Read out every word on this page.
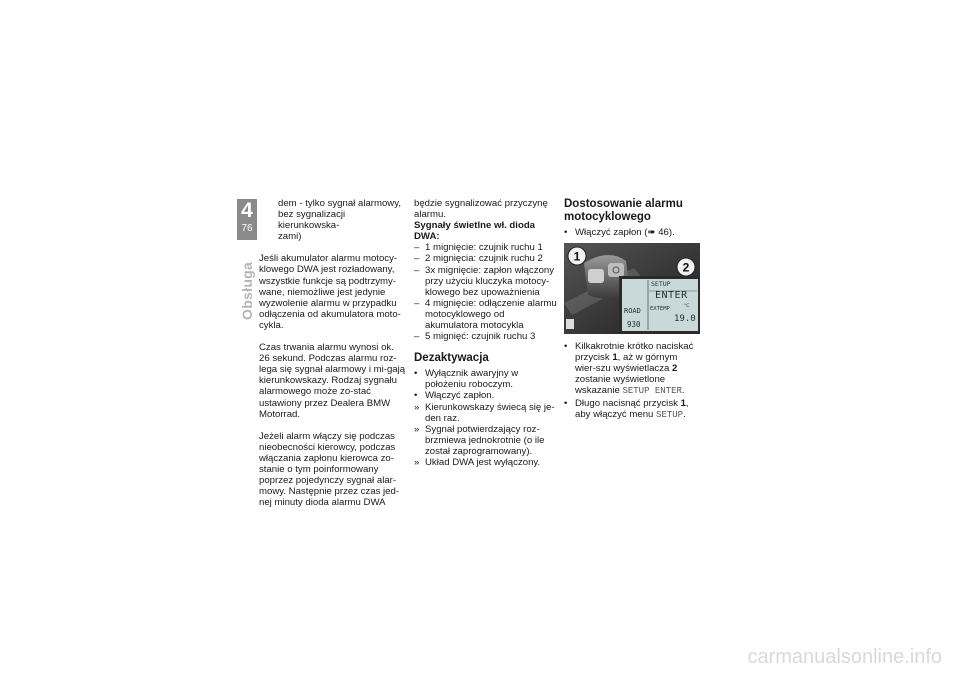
4
76
Obsługa
dem - tylko sygnał alarmowy,
bez sygnalizacji kierunkowska-
zami)

Jeśli akumulator alarmu motocy-klowego DWA jest rozładowany, wszystkie funkcje są podtrzymy-wane, niemożliwe jest jedynie wyzwolenie alarmu w przypadku odłączenia od akumulatora moto-cykla.

Czas trwania alarmu wynosi ok. 26 sekund. Podczas alarmu roz-lega się sygnał alarmowy i mi-gają kierunkowskazy. Rodzaj sygnału alarmowego może zo-stać ustawiony przez Dealera BMW Motorrad.

Jeżeli alarm włączy się podczas nieobecności kierowcy, podczas włączania zapłonu kierowca zo-stanie o tym poinformowany poprzez pojedynczy sygnał alar-mowy. Następnie przez czas jed-nej minuty dioda alarmu DWA

będzie sygnalizować przyczynę alarmu.
Sygnały świetlne wł. dioda DWA:
– 1 mignięcie: czujnik ruchu 1
– 2 mignięcia: czujnik ruchu 2
– 3x mignięcie: zapłon włączony przy użyciu kluczyka motocy-klowego bez upoważnienia
– 4 mignięcie: odłączenie alarmu motocyklowego od akumulatora motocykla
– 5 mignięć: czujnik ruchu 3
Dezaktywacja
• Wyłącznik awaryjny w położeniu roboczym.
• Włączyć zapłon.
» Kierunkowskazy świecą się je-den raz.
» Sygnał potwierdzający roz-brzmiewa jednokrotnie (o ile został zaprogramowany).
» Układ DWA jest wyłączony.
Dostosowanie alarmu motocyklowego
• Włączyć zapłon (➠ 46).
SETUP
ENTER
EXTEMP	°C
19.0
ROAD
930
1
2
• Kilkakrotnie krótko naciskać przycisk 1, aż w górnym wier-szu wyświetlacza 2 zostanie wyświetlone wskazanie SETUP ENTER.
• Długo nacisnąć przycisk 1, aby włączyć menu SETUP.
carmanualsonline.info
